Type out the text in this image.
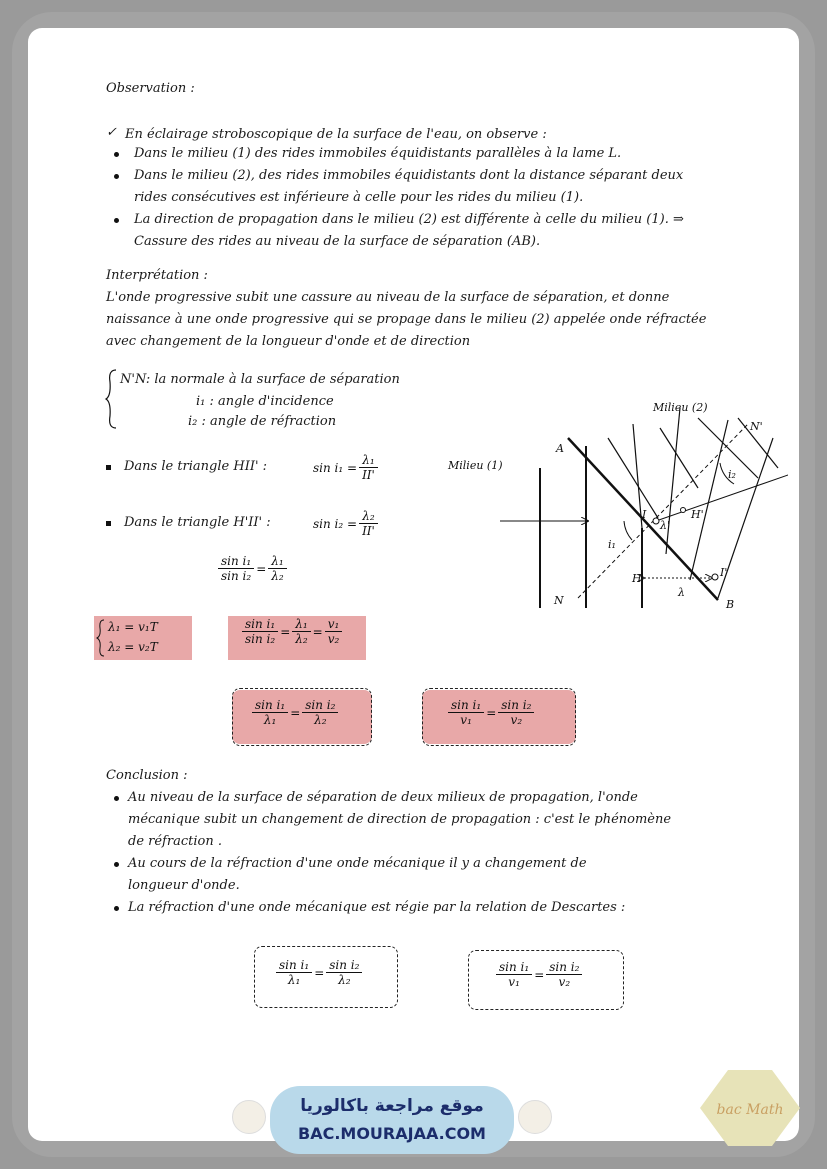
Observation :
✓ En éclairage stroboscopique de la surface de l'eau, on observe :
Dans le milieu (1) des rides immobiles équidistants parallèles à la lame L.
Dans le milieu (2), des rides immobiles équidistants dont la distance séparant deux
rides consécutives est inférieure à celle pour les rides du milieu (1).
La direction de propagation dans le milieu (2) est différente à celle du milieu (1). ⇒
Cassure des rides au niveau de la surface de séparation (AB).
Interprétation :
L'onde progressive subit une cassure au niveau de la surface de séparation, et donne
naissance à une onde progressive qui se propage dans le milieu (2) appelée onde réfractée
avec changement de la longueur d'onde et de direction
N'N: la normale à la surface de séparation
i₁ : angle d'incidence
i₂ : angle de réfraction
Dans le triangle HII' :	$\sin i_1 = \frac{\text{λ₁}}{II'}$
Dans le triangle H'II' :	$\sin i_2 = \frac{\text{λ₂}}{II'}$
$\frac{\text{sin i₁}}{\text{sin i₂}} = \frac{\text{λ₁}}{\text{λ₂}}$
λ₁ = v₁T
λ₂ = v₂T
$\frac{\text{sin i₁}}{\text{sin i₂}} = \frac{\text{λ₁}}{\text{λ₂}} = \frac{\text{v₁}}{\text{v₂}}$
$\frac{\text{sin i₁}}{\text{λ₁}} = \frac{\text{sin i₂}}{\text{λ₂}}$	$\frac{\text{sin i₁}}{\text{v₁}} = \frac{\text{sin i₂}}{\text{v₂}}$
Milieu (1)
Milieu (2)
A
B
N
N'
I
I'
H
H'
i₁
i₂
λ
λ'
Conclusion :
Au niveau de la surface de séparation de deux milieux de propagation, l'onde
mécanique subit un changement de direction de propagation : c'est le phénomène
de réfraction .
Au cours de la réfraction d'une onde mécanique il y a changement de
longueur d'onde.
La réfraction d'une onde mécanique est régie par la relation de Descartes :
$\frac{\text{sin i₁}}{\text{λ₁}} = \frac{\text{sin i₂}}{\text{λ₂}}$	$\frac{\text{sin i₁}}{\text{v₁}} = \frac{\text{sin i₂}}{\text{v₂}}$
موقع مراجعة باكالوريا
BAC.MOURAJAA.COM
bac Math
